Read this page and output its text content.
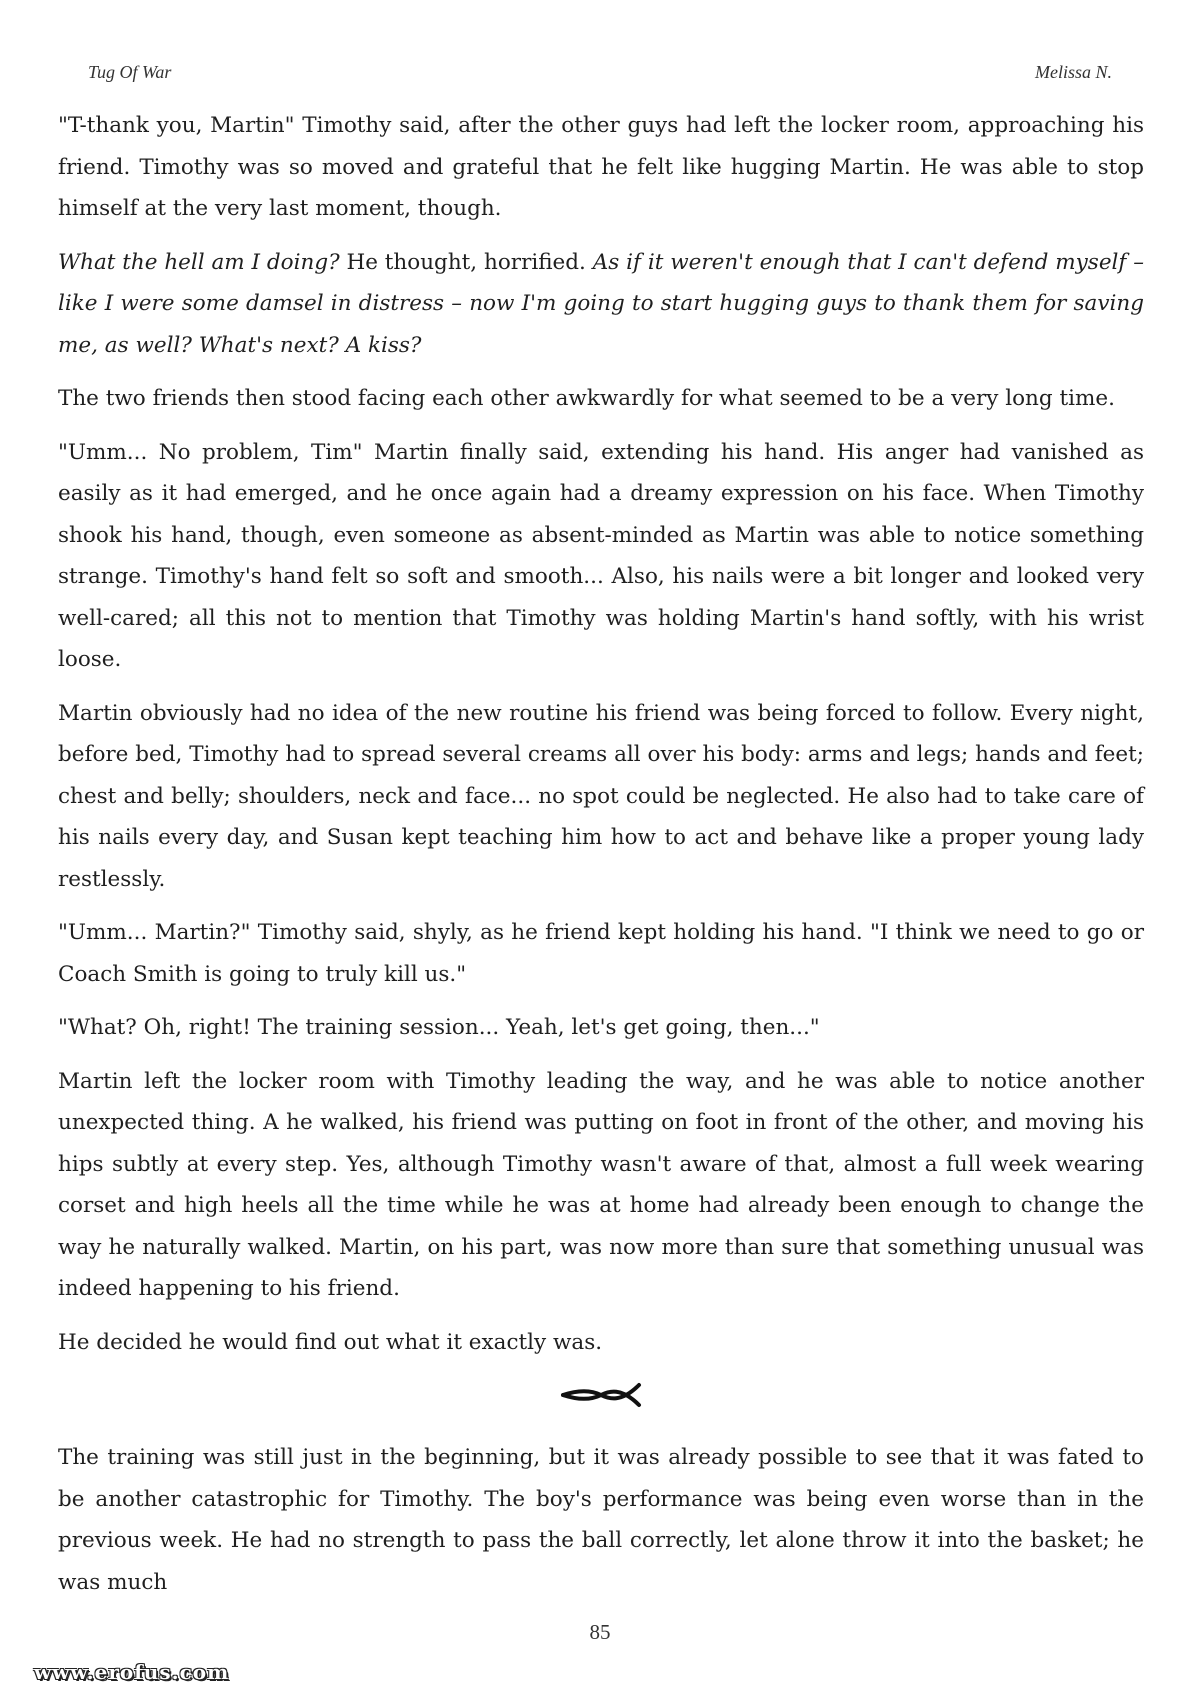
Tug Of War	Melissa N.

"T-thank you, Martin" Timothy said, after the other guys had left the locker room, approaching his friend. Timothy was so moved and grateful that he felt like hugging Martin. He was able to stop himself at the very last moment, though.

What the hell am I doing? He thought, horrified. As if it weren't enough that I can't defend myself – like I were some damsel in distress – now I'm going to start hugging guys to thank them for saving me, as well? What's next? A kiss?

The two friends then stood facing each other awkwardly for what seemed to be a very long time.

"Umm... No problem, Tim" Martin finally said, extending his hand. His anger had vanished as easily as it had emerged, and he once again had a dreamy expression on his face. When Timothy shook his hand, though, even someone as absent-minded as Martin was able to notice something strange. Timothy's hand felt so soft and smooth... Also, his nails were a bit longer and looked very well-cared; all this not to mention that Timothy was holding Martin's hand softly, with his wrist loose.

Martin obviously had no idea of the new routine his friend was being forced to follow. Every night, before bed, Timothy had to spread several creams all over his body: arms and legs; hands and feet; chest and belly; shoulders, neck and face... no spot could be neglected. He also had to take care of his nails every day, and Susan kept teaching him how to act and behave like a proper young lady restlessly.

"Umm... Martin?" Timothy said, shyly, as he friend kept holding his hand. "I think we need to go or Coach Smith is going to truly kill us."

"What? Oh, right! The training session... Yeah, let's get going, then..."

Martin left the locker room with Timothy leading the way, and he was able to notice another unexpected thing. A he walked, his friend was putting on foot in front of the other, and moving his hips subtly at every step. Yes, although Timothy wasn't aware of that, almost a full week wearing corset and high heels all the time while he was at home had already been enough to change the way he naturally walked. Martin, on his part, was now more than sure that something unusual was indeed happening to his friend.

He decided he would find out what it exactly was.

The training was still just in the beginning, but it was already possible to see that it was fated to be another catastrophic for Timothy. The boy's performance was being even worse than in the previous week. He had no strength to pass the ball correctly, let alone throw it into the basket; he was much

85
www.erofus.com
